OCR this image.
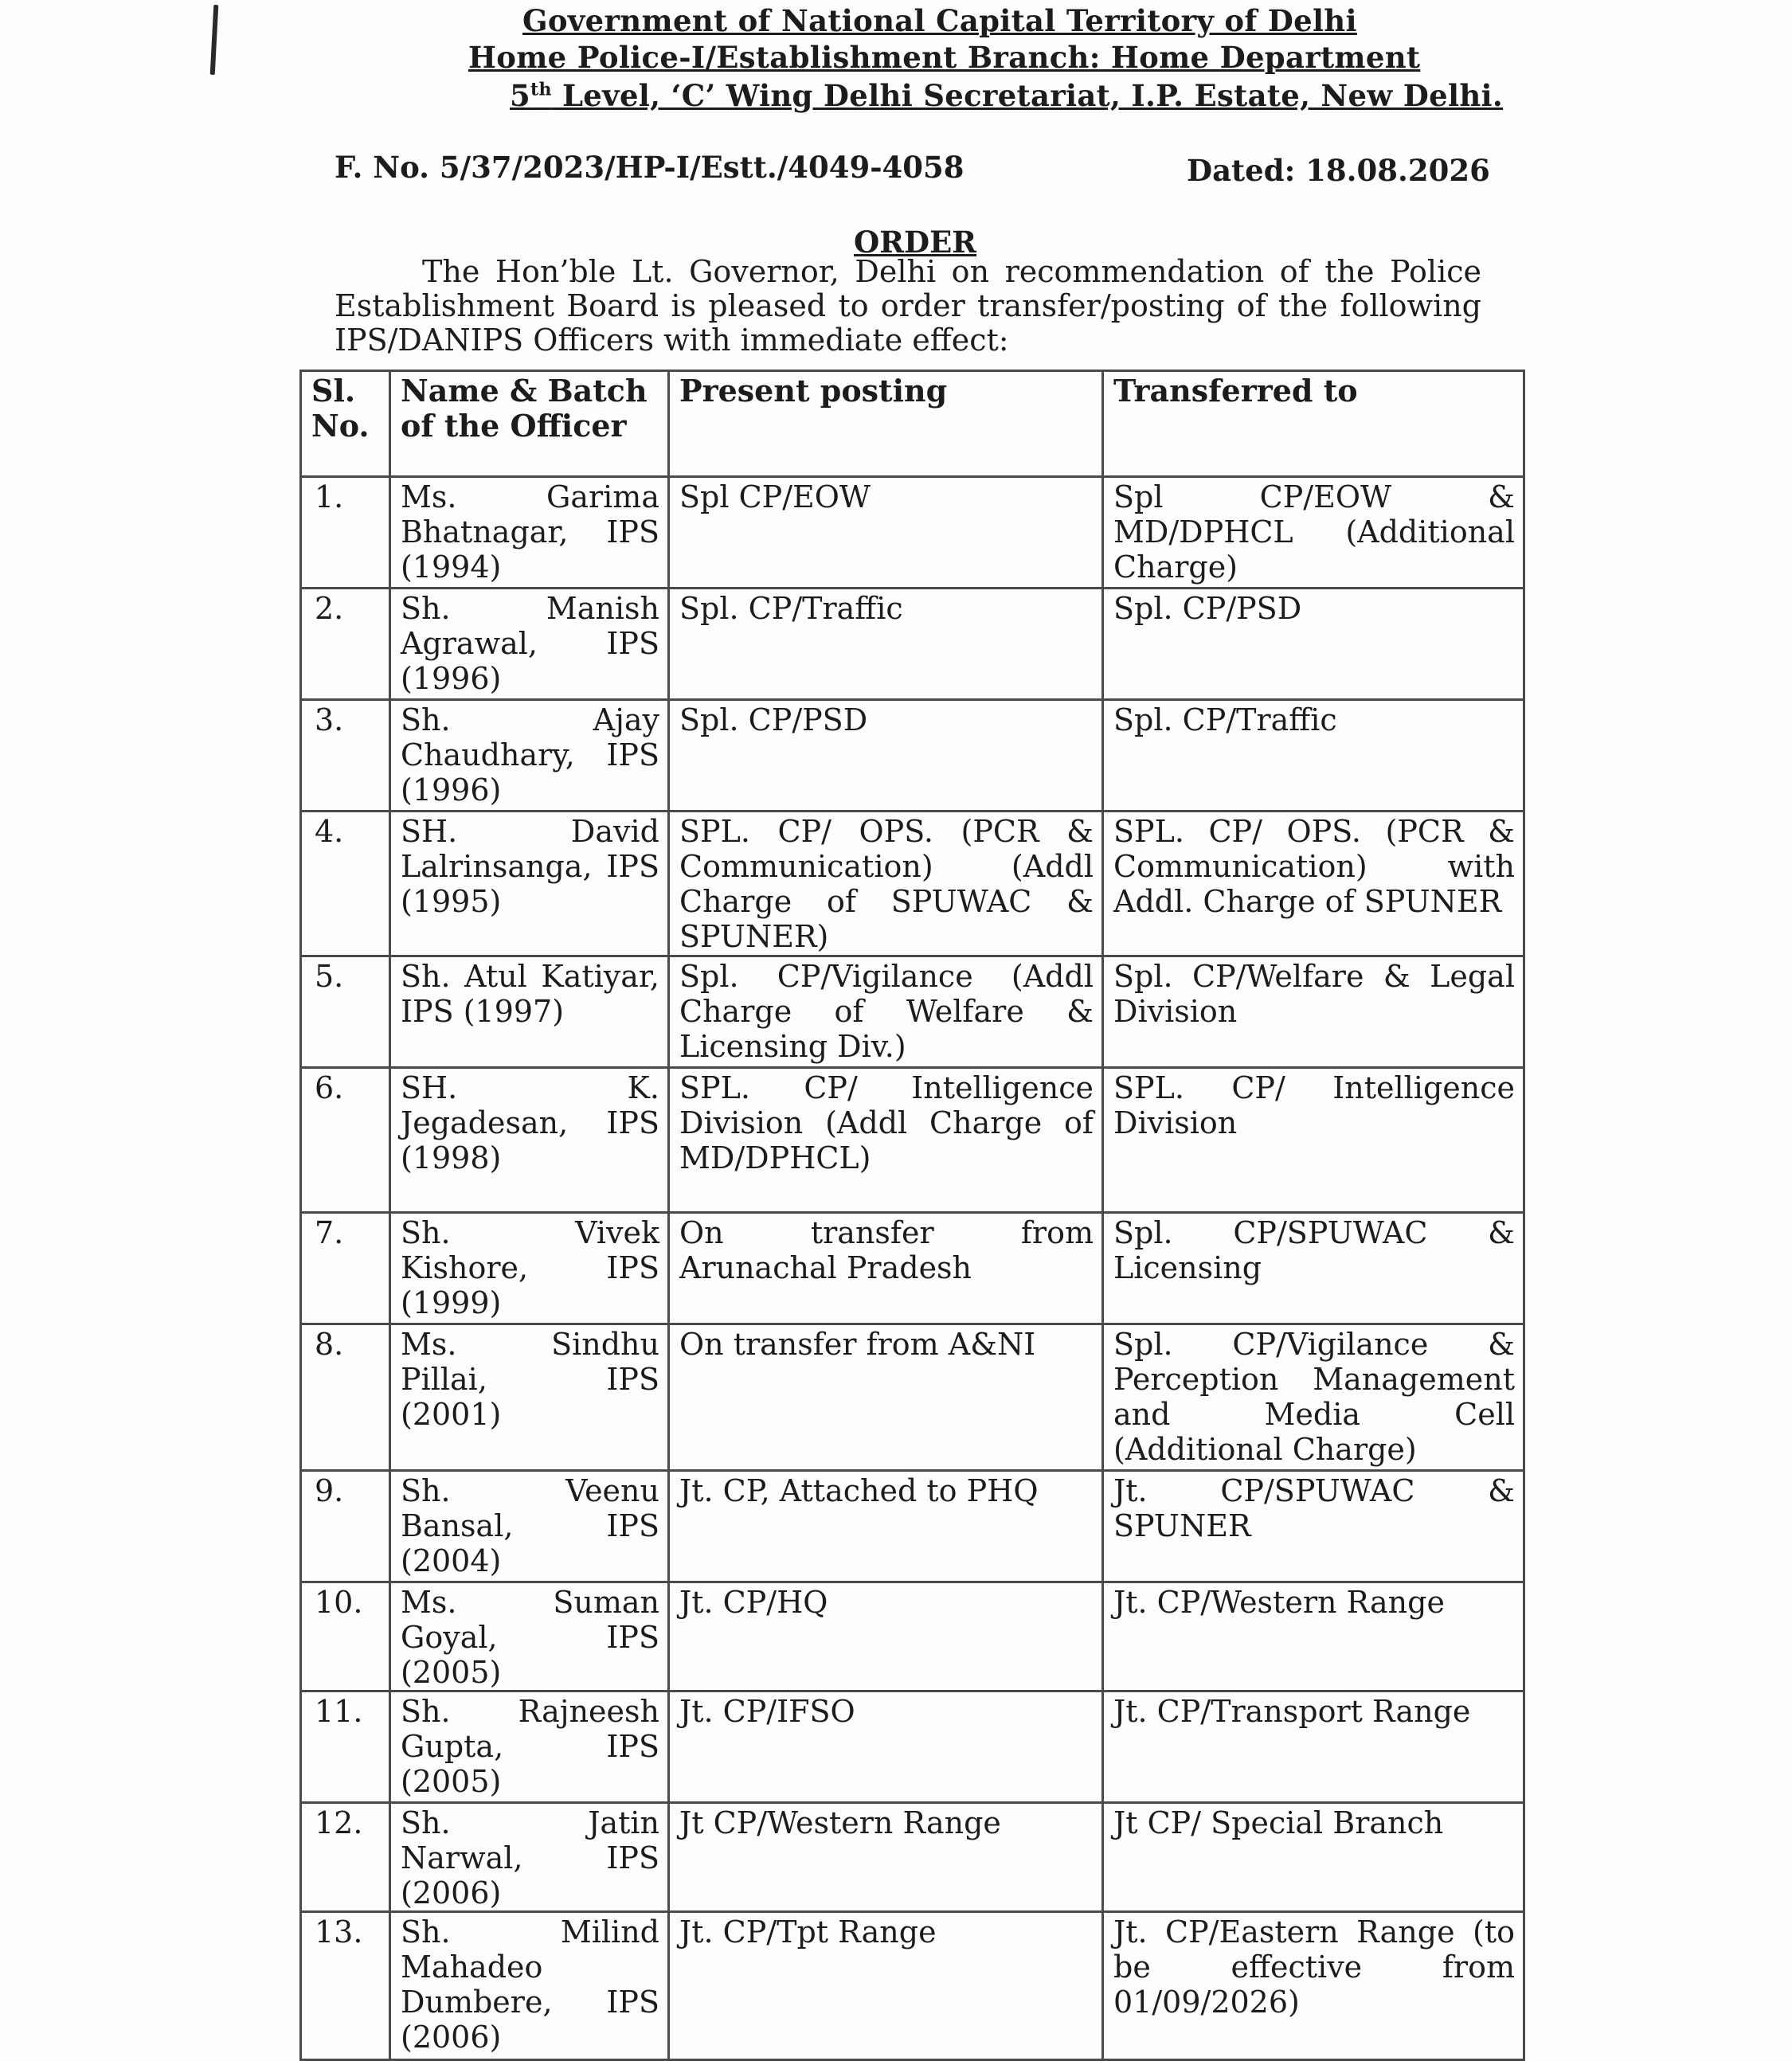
Government of National Capital Territory of Delhi
Home Police-I/Establishment Branch: Home Department
5th Level, ‘C’ Wing Delhi Secretariat, I.P. Estate, New Delhi.
F. No. 5/37/2023/HP-I/Estt./4049-4058	Dated: 18.08.2026
ORDER
The Hon’ble Lt. Governor, Delhi on recommendation of the Police Establishment Board is pleased to order transfer/posting of the following IPS/DANIPS Officers with immediate effect:
Sl. No.	Name & Batch of the Officer	Present posting	Transferred to
1.	Ms. Garima Bhatnagar, IPS (1994)	Spl CP/EOW	Spl CP/EOW & MD/DPHCL (Additional Charge)
2.	Sh. Manish Agrawal, IPS (1996)	Spl. CP/Traffic	Spl. CP/PSD
3.	Sh. Ajay Chaudhary, IPS (1996)	Spl. CP/PSD	Spl. CP/Traffic
4.	SH. David Lalrinsanga, IPS (1995)	SPL. CP/ OPS. (PCR & Communication) (Addl Charge of SPUWAC & SPUNER)	SPL. CP/ OPS. (PCR & Communication) with Addl. Charge of SPUNER
5.	Sh. Atul Katiyar, IPS (1997)	Spl. CP/Vigilance (Addl Charge of Welfare & Licensing Div.)	Spl. CP/Welfare & Legal Division
6.	SH. K. Jegadesan, IPS (1998)	SPL. CP/ Intelligence Division (Addl Charge of MD/DPHCL)	SPL. CP/ Intelligence Division
7.	Sh. Vivek Kishore, IPS (1999)	On transfer from Arunachal Pradesh	Spl. CP/SPUWAC & Licensing
8.	Ms. Sindhu Pillai, IPS (2001)	On transfer from A&NI	Spl. CP/Vigilance & Perception Management and Media Cell (Additional Charge)
9.	Sh. Veenu Bansal, IPS (2004)	Jt. CP, Attached to PHQ	Jt. CP/SPUWAC & SPUNER
10.	Ms. Suman Goyal, IPS (2005)	Jt. CP/HQ	Jt. CP/Western Range
11.	Sh. Rajneesh Gupta, IPS (2005)	Jt. CP/IFSO	Jt. CP/Transport Range
12.	Sh. Jatin Narwal, IPS (2006)	Jt CP/Western Range	Jt CP/ Special Branch
13.	Sh. Milind Mahadeo Dumbere, IPS (2006)	Jt. CP/Tpt Range	Jt. CP/Eastern Range (to be effective from 01/09/2026)
